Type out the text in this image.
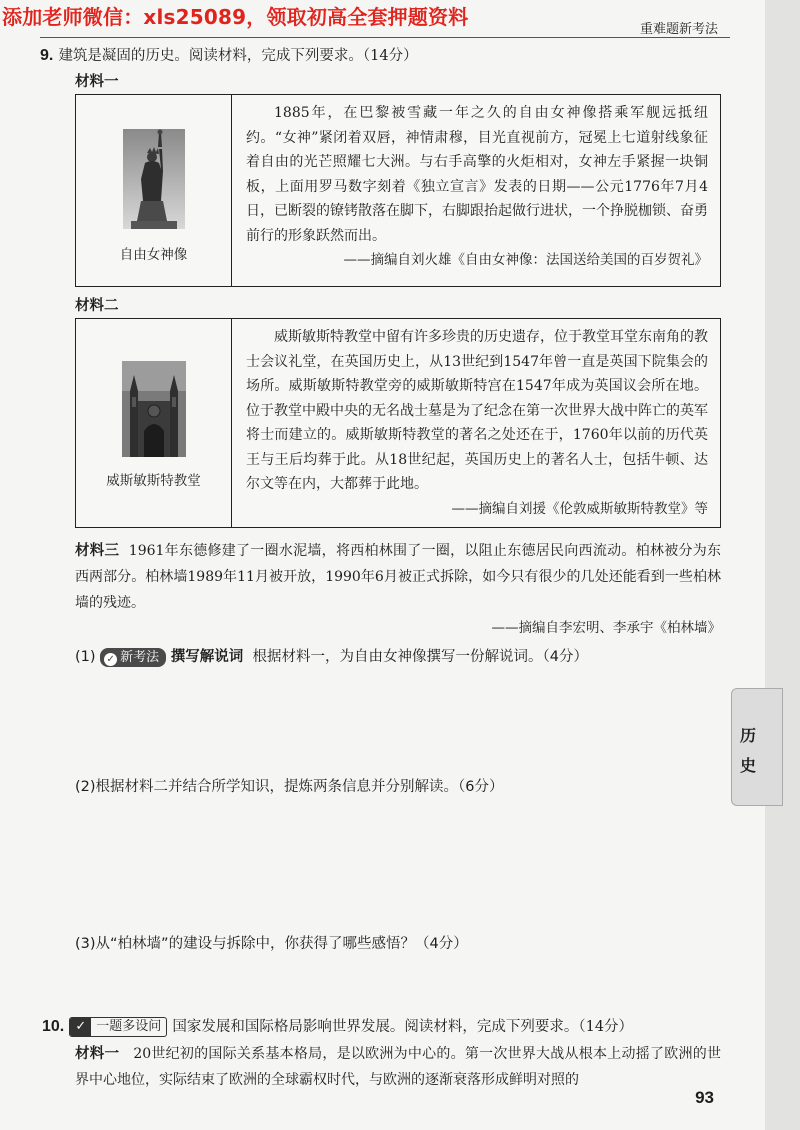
添加老师微信：xls25089，领取初高全套押题资料
重难题新考法
9. 建筑是凝固的历史。阅读材料，完成下列要求。（14分）
材料一
自由女神像

1885年，在巴黎被雪藏一年之久的自由女神像搭乘军舰远抵纽约。“女神”紧闭着双唇，神情肃穆，目光直视前方，冠冕上七道射线象征着自由的光芒照耀七大洲。与右手高擎的火炬相对，女神左手紧握一块铜板，上面用罗马数字刻着《独立宣言》发表的日期——公元1776年7月4日，已断裂的镣铐散落在脚下，右脚跟抬起做行进状，一个挣脱枷锁、奋勇前行的形象跃然而出。

——摘编自刘火雄《自由女神像：法国送给美国的百岁贺礼》
材料二
威斯敏斯特教堂

威斯敏斯特教堂中留有许多珍贵的历史遗存，位于教堂耳堂东南角的教士会议礼堂，在英国历史上，从13世纪到1547年曾一直是英国下院集会的场所。威斯敏斯特教堂旁的威斯敏斯特宫在1547年成为英国议会所在地。位于教堂中殿中央的无名战士墓是为了纪念在第一次世界大战中阵亡的英军将士而建立的。威斯敏斯特教堂的著名之处还在于，1760年以前的历代英王与王后均葬于此。从18世纪起，英国历史上的著名人士，包括牛顿、达尔文等在内，大都葬于此地。

——摘编自刘援《伦敦威斯敏斯特教堂》等
材料三 1961年东德修建了一圈水泥墙，将西柏林围了一圈，以阻止东德居民向西流动。柏林被分为东西两部分。柏林墙1989年11月被开放，1990年6月被正式拆除，如今只有很少的几处还能看到一些柏林墙的残迹。
——摘编自李宏明、李承宇《柏林墙》
(1) ✓ 新考法 撰写解说词 根据材料一，为自由女神像撰写一份解说词。（4分）
(2)根据材料二并结合所学知识，提炼两条信息并分别解读。（6分）
(3)从“柏林墙”的建设与拆除中，你获得了哪些感悟？（4分）
10. ✓ 一题多设问 国家发展和国际格局影响世界发展。阅读材料，完成下列要求。（14分）
材料一 20世纪初的国际关系基本格局，是以欧洲为中心的。第一次世界大战从根本上动摇了欧洲的世界中心地位，实际结束了欧洲的全球霸权时代，与欧洲的逐渐衰落形成鲜明对照的
历
史
93
